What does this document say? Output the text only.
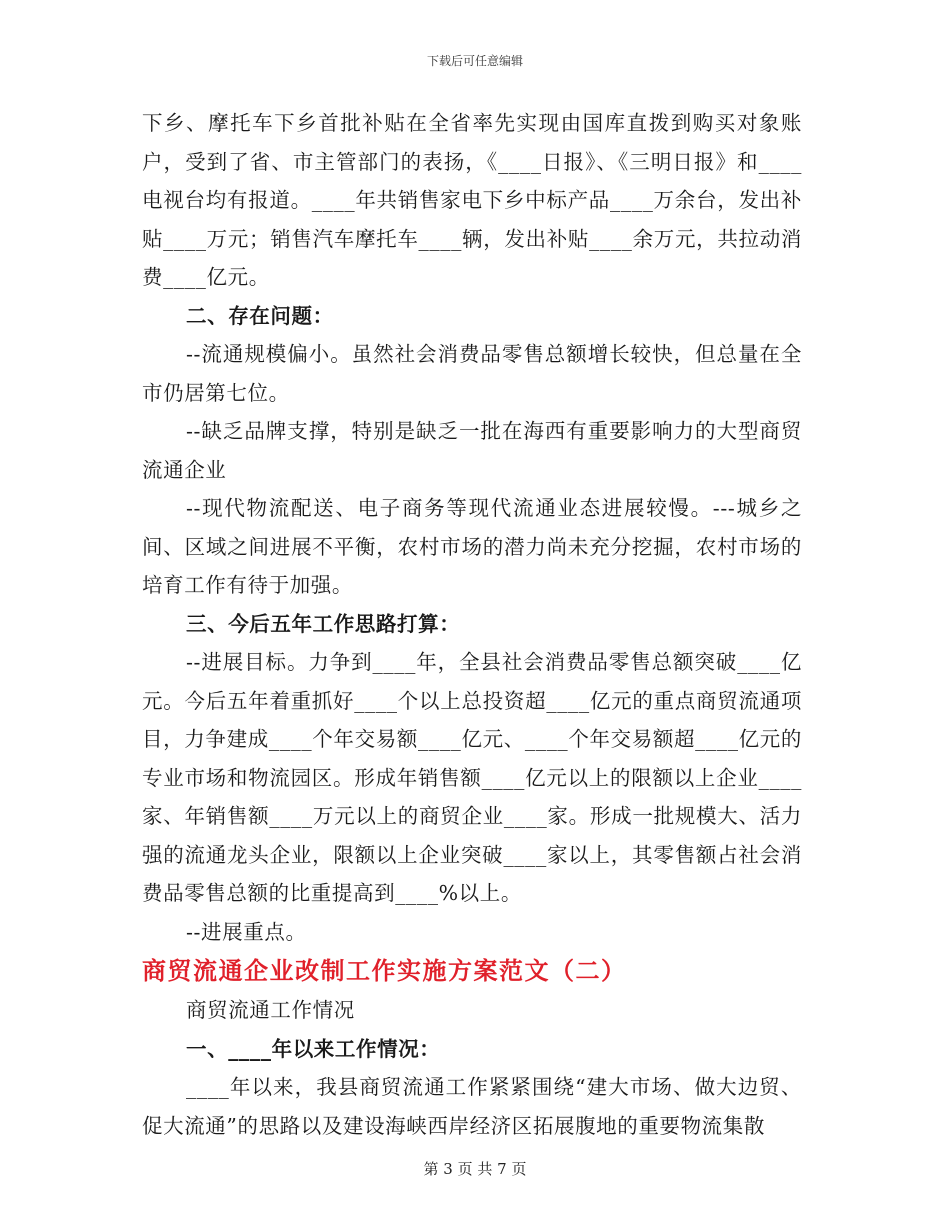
下载后可任意编辑

下乡、摩托车下乡首批补贴在全省率先实现由国库直拨到购买对象账户，受到了省、市主管部门的表扬，《____日报》、《三明日报》和____电视台均有报道。____年共销售家电下乡中标产品____万余台，发出补贴____万元；销售汽车摩托车____辆，发出补贴____余万元，共拉动消费____亿元。

二、存在问题：

--流通规模偏小。虽然社会消费品零售总额增长较快，但总量在全市仍居第七位。

--缺乏品牌支撑，特别是缺乏一批在海西有重要影响力的大型商贸流通企业

--现代物流配送、电子商务等现代流通业态进展较慢。---城乡之间、区域之间进展不平衡，农村市场的潜力尚未充分挖掘，农村市场的培育工作有待于加强。

三、今后五年工作思路打算：

--进展目标。力争到____年，全县社会消费品零售总额突破____亿元。今后五年着重抓好____个以上总投资超____亿元的重点商贸流通项目，力争建成____个年交易额____亿元、____个年交易额超____亿元的专业市场和物流园区。形成年销售额____亿元以上的限额以上企业____家、年销售额____万元以上的商贸企业____家。形成一批规模大、活力强的流通龙头企业，限额以上企业突破____家以上，其零售额占社会消费品零售总额的比重提高到____%以上。

--进展重点。

商贸流通企业改制工作实施方案范文（二）

商贸流通工作情况

一、____年以来工作情况：

____年以来，我县商贸流通工作紧紧围绕“建大市场、做大边贸、促大流通”的思路以及建设海峡西岸经济区拓展腹地的重要物流集散

第 3 页 共 7 页
